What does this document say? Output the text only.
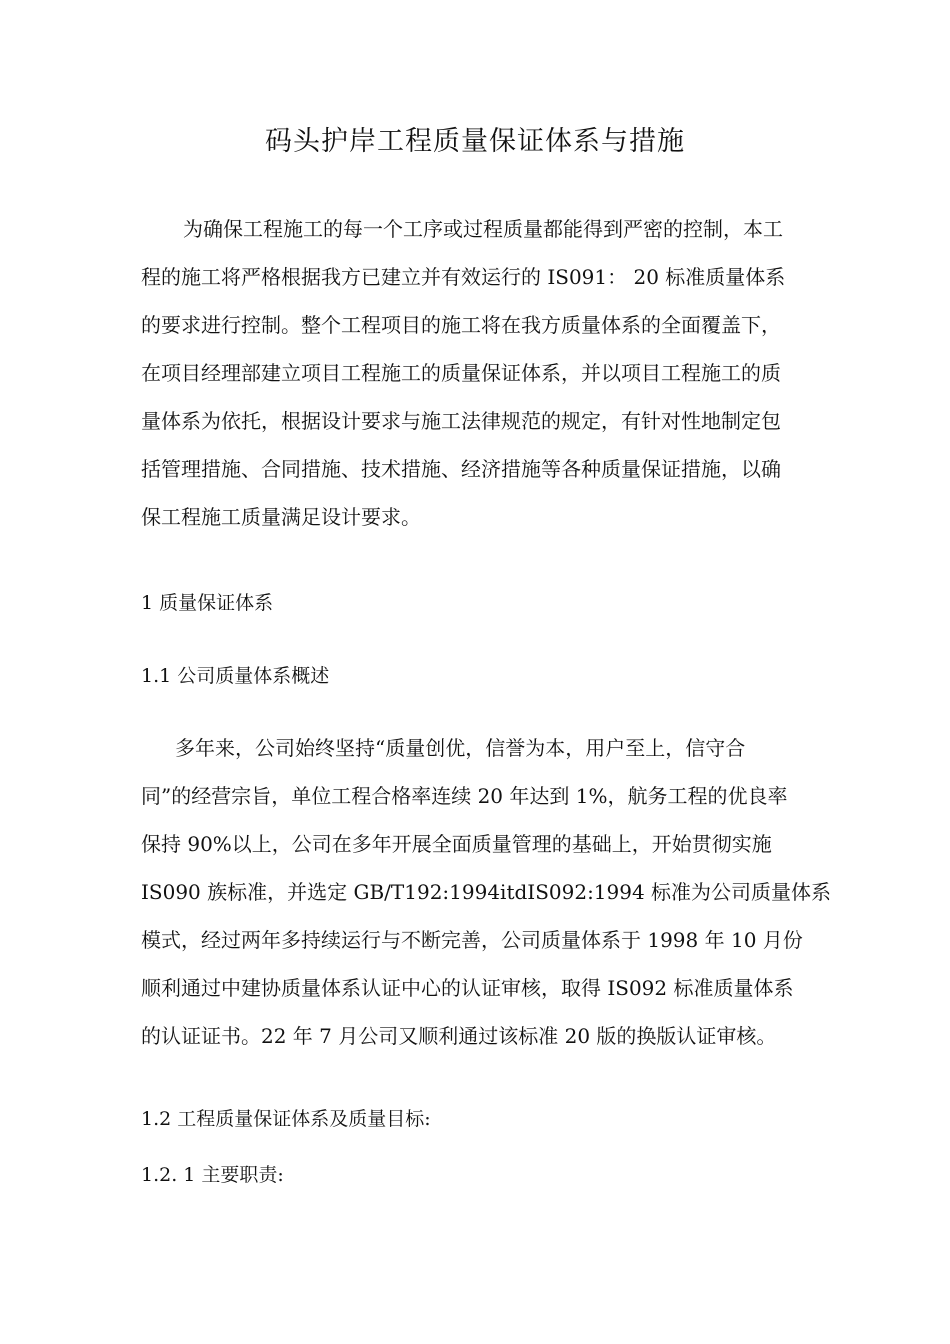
码头护岸工程质量保证体系与措施
为确保工程施工的每一个工序或过程质量都能得到严密的控制，本工
程的施工将严格根据我方已建立并有效运行的 IS091： 20 标准质量体系
的要求进行控制。整个工程项目的施工将在我方质量体系的全面覆盖下，
在项目经理部建立项目工程施工的质量保证体系，并以项目工程施工的质
量体系为依托，根据设计要求与施工法律规范的规定，有针对性地制定包
括管理措施、合同措施、技术措施、经济措施等各种质量保证措施，以确
保工程施工质量满足设计要求。
1 质量保证体系
1.1 公司质量体系概述
多年来，公司始终坚持“质量创优，信誉为本，用户至上，信守合
同”的经营宗旨，单位工程合格率连续 20 年达到 1%，航务工程的优良率
保持 90%以上，公司在多年开展全面质量管理的基础上，开始贯彻实施
IS090 族标准，并选定 GB/T192:1994itdIS092:1994 标准为公司质量体系
模式，经过两年多持续运行与不断完善，公司质量体系于 1998 年 10 月份
顺利通过中建协质量体系认证中心的认证审核，取得 IS092 标准质量体系
的认证证书。22 年 7 月公司又顺利通过该标准 20 版的换版认证审核。
1.2 工程质量保证体系及质量目标:
1.2. 1 主要职责:
